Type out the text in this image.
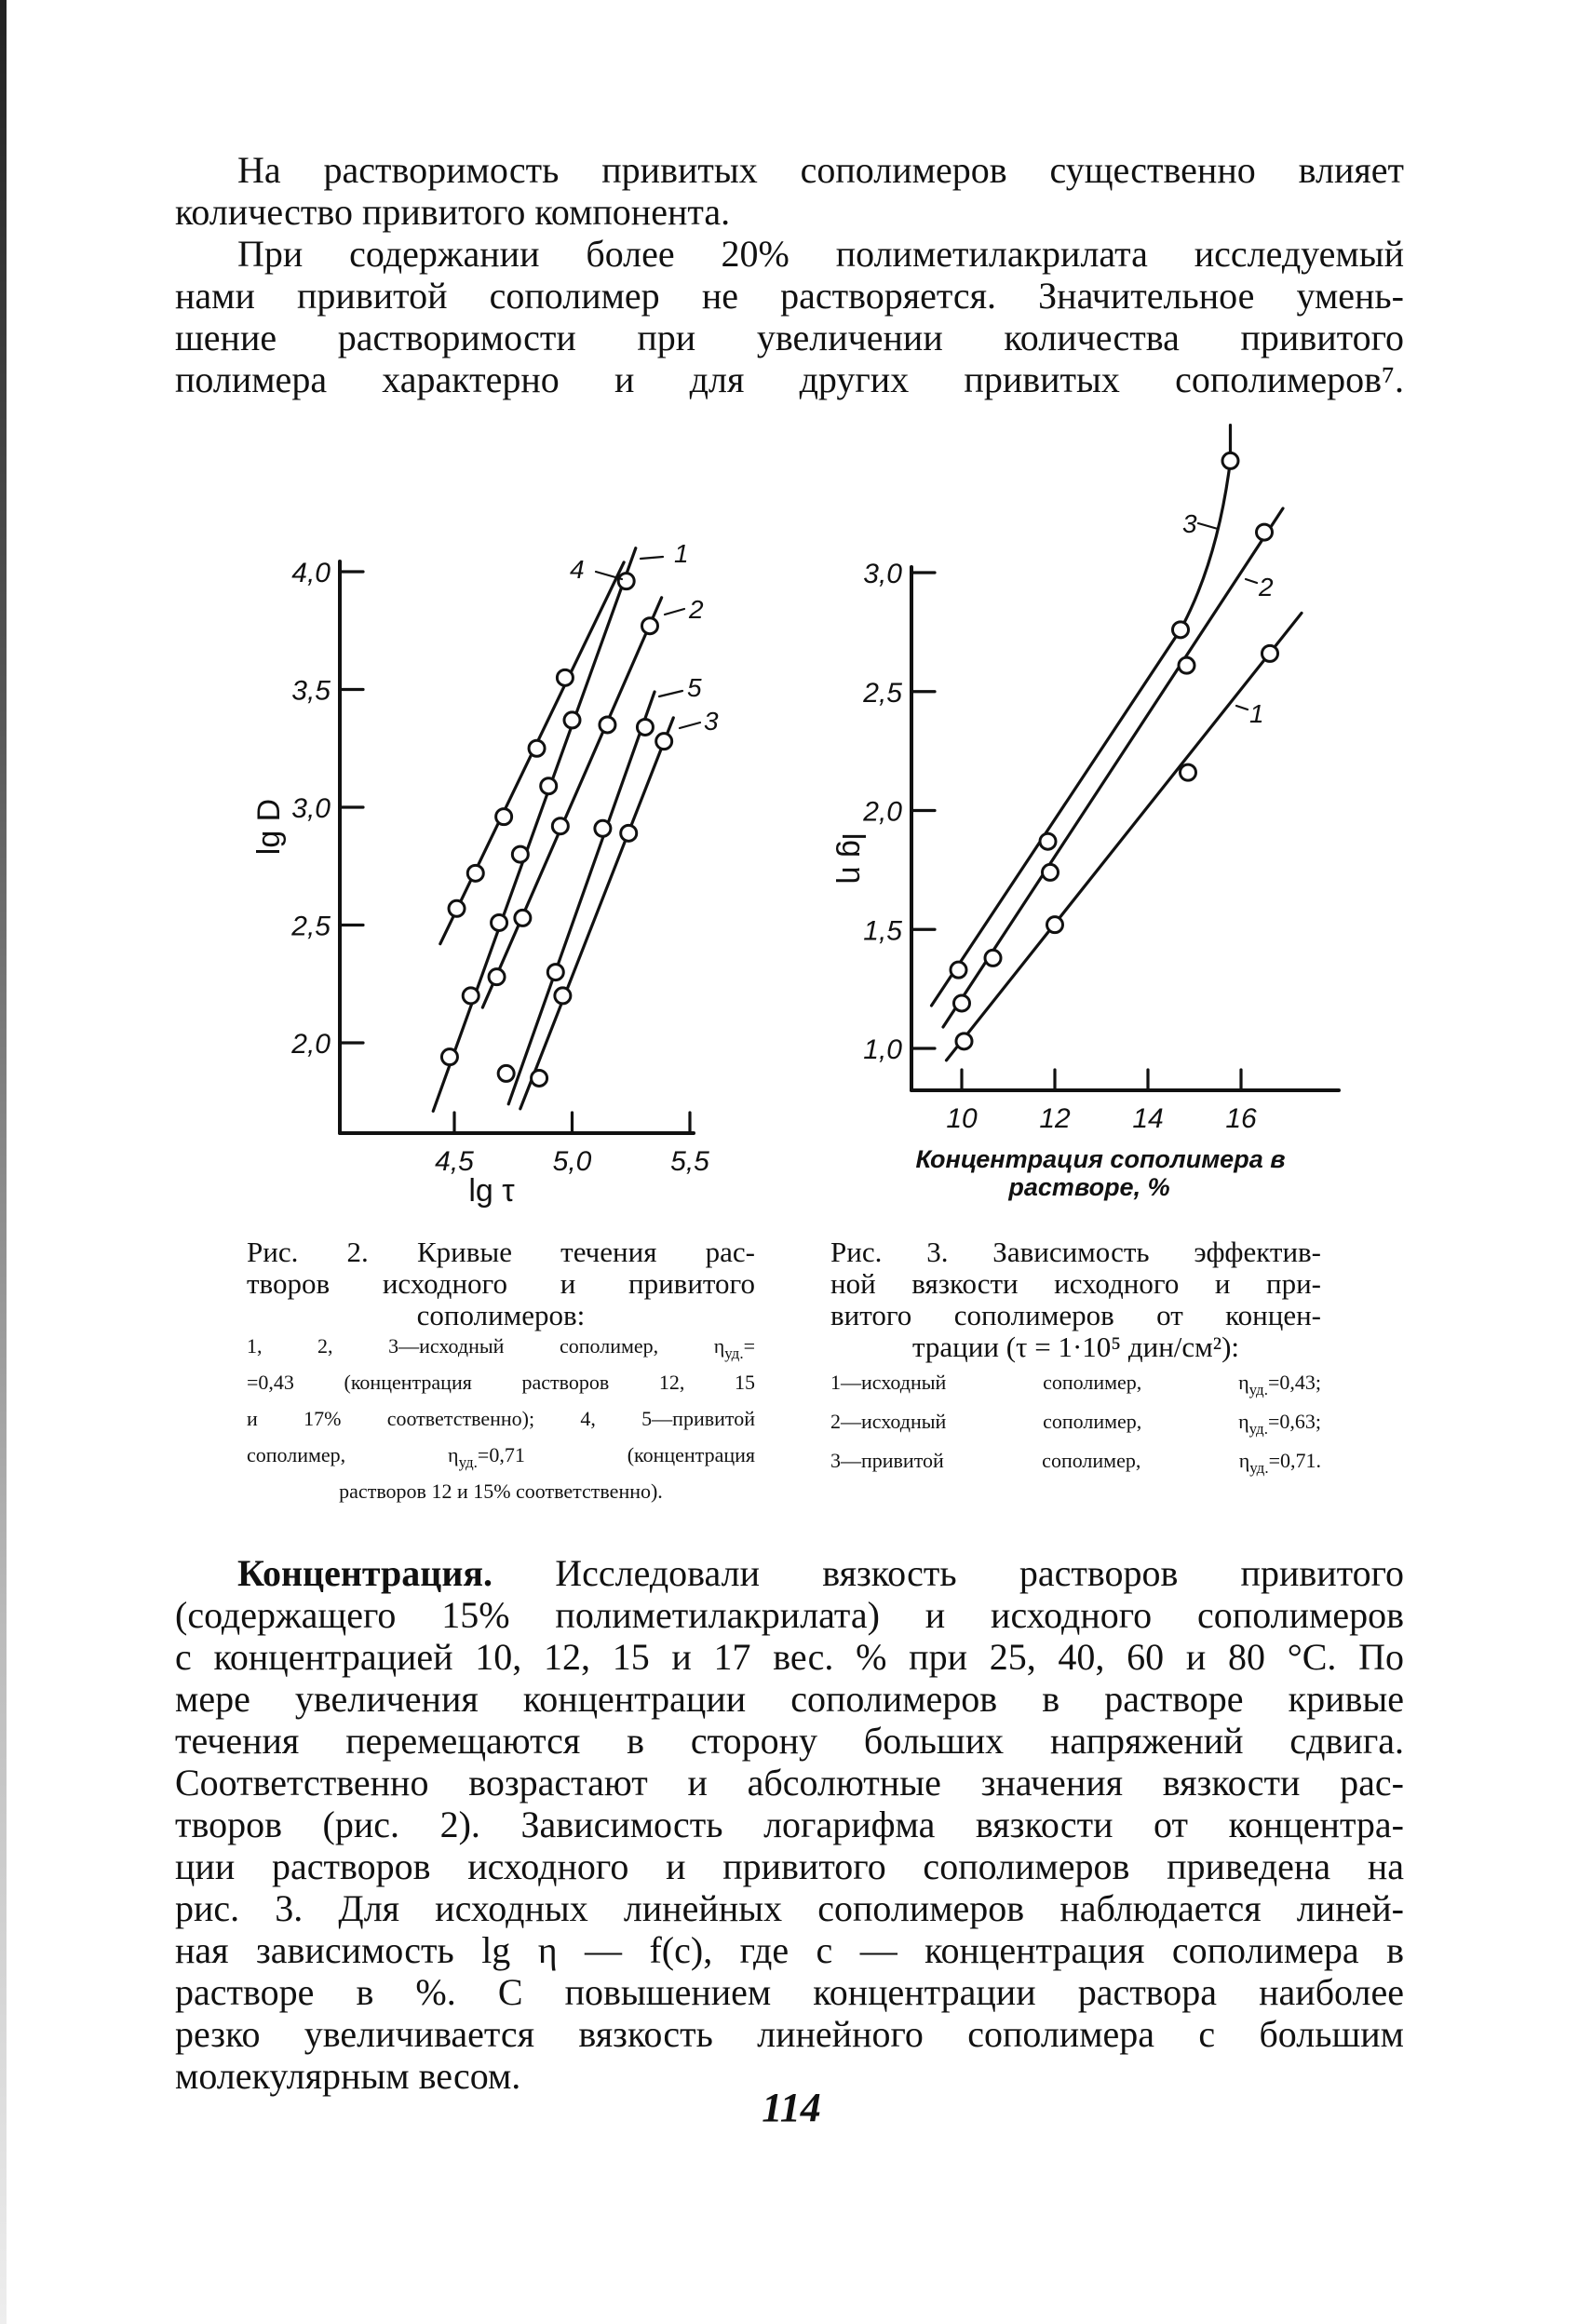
На растворимость привитых сополимеров существенно влияет
количество привитого компонента.
При содержании более 20% полиметилакрилата исследуемый
нами привитой сополимер не растворяется. Значительное умень-
шение растворимости при увеличении количества привитого
полимера характерно и для других привитых сополимеров⁷.
4,0
3,5
3,0
2,5
2,0
4,5	5,0	5,5
lg D
lg τ
1
4
2
5
3
3,0
2,5
2,0
1,5
1,0
10 12 14 16
lg η
Концентрация сополимера в
растворе, %
3
2
1
Рис. 2. Кривые течения рас-
творов исходного и привитого
сополимеров:
1, 2, 3—исходный сополимер, $\eta_{уд.}=$
=0,43 (концентрация растворов 12, 15
и 17% соответственно); 4, 5—привитой
сополимер, $\eta_{уд.}=0,71$ (концентрация
растворов 12 и 15% соответственно).
Рис. 3. Зависимость эффектив-
ной вязкости исходного и при-
витого сополимеров от концен-
трации (τ = 1·10⁵ дин/см²):
1—исходный сополимер, $\eta_{уд.}=0,43$;
2—исходный сополимер, $\eta_{уд.}=0,63$;
3—привитой сополимер, $\eta_{уд.}=0,71$.
Концентрация. Исследовали вязкость растворов привитого
(содержащего 15% полиметилакрилата) и исходного сополимеров
с концентрацией 10, 12, 15 и 17 вес. % при 25, 40, 60 и 80 °С. По
мере увеличения концентрации сополимеров в растворе кривые
течения перемещаются в сторону больших напряжений сдвига.
Соответственно возрастают и абсолютные значения вязкости рас-
творов (рис. 2). Зависимость логарифма вязкости от концентра-
ции растворов исходного и привитого сополимеров приведена на
рис. 3. Для исходных линейных сополимеров наблюдается линей-
ная зависимость lg η — f(c), где c — концентрация сополимера в
растворе в %. С повышением концентрации раствора наиболее
резко увеличивается вязкость линейного сополимера с большим
молекулярным весом.
114
